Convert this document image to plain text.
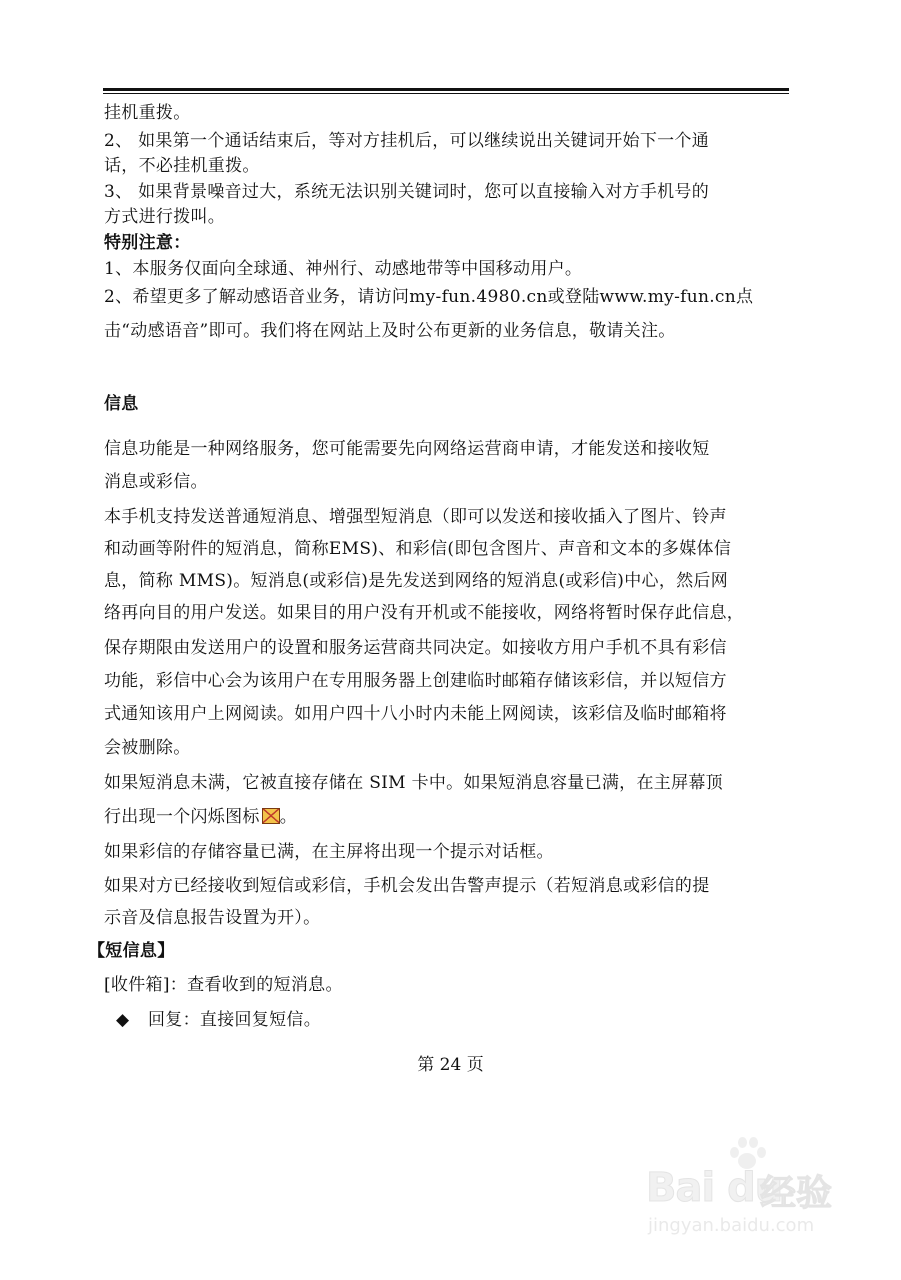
挂机重拨。
2、 如果第一个通话结束后，等对方挂机后，可以继续说出关键词开始下一个通
话，不必挂机重拨。
3、 如果背景噪音过大，系统无法识别关键词时，您可以直接输入对方手机号的
方式进行拨叫。
特别注意：
1、本服务仅面向全球通、神州行、动感地带等中国移动用户。
2、希望更多了解动感语音业务，请访问my-fun.4980.cn或登陆www.my-fun.cn点
击“动感语音”即可。我们将在网站上及时公布更新的业务信息，敬请关注。
信息
信息功能是一种网络服务，您可能需要先向网络运营商申请，才能发送和接收短
消息或彩信。
本手机支持发送普通短消息、增强型短消息（即可以发送和接收插入了图片、铃声
和动画等附件的短消息，简称EMS)、和彩信(即包含图片、声音和文本的多媒体信
息，简称 MMS)。短消息(或彩信)是先发送到网络的短消息(或彩信)中心，然后网
络再向目的用户发送。如果目的用户没有开机或不能接收，网络将暂时保存此信息，
保存期限由发送用户的设置和服务运营商共同决定。如接收方用户手机不具有彩信
功能，彩信中心会为该用户在专用服务器上创建临时邮箱存储该彩信，并以短信方
式通知该用户上网阅读。如用户四十八小时内未能上网阅读，该彩信及临时邮箱将
会被删除。
如果短消息未满，它被直接存储在 SIM 卡中。如果短消息容量已满，在主屏幕顶
行出现一个闪烁图标 。
如果彩信的存储容量已满，在主屏将出现一个提示对话框。
如果对方已经接收到短信或彩信，手机会发出告警声提示（若短消息或彩信的提
示音及信息报告设置为开）。
【短信息】
[收件箱]：查看收到的短消息。
◆ 回复：直接回复短信。
第 24 页
Bai du
经验
jingyan.baidu.com
